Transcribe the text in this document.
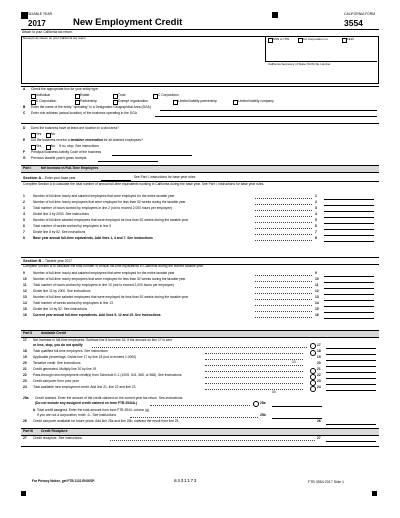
TAXABLE YEAR	CALIFORNIA FORM
2017	New Employment Credit	3554
Attach to your California tax return.
Name(s) as shown on your California tax return	SSN or ITIN	CA Corporation no.	FEIN
California Secretary of State (SOS) file number
A Check the appropriate box for your entity type:
Individual	Estate	Trust	C Corporation
S Corporation	Partnership	Exempt organization	Limited liability partnership	Limited liability company
B Enter the name of the entity "operating" in a Designated Geographical Area (DGA)
C Enter one address (actual location) of the business operating in the DGA
D Does the business have at least one location in a pilot area?
Yes	No
E Did the business receive a tentative reservation for all claimed employees?
Yes	No If no, stop. See instructions.
F Principal Business Activity Code of the business
G Previous taxable year's gross receipts
Part I	Net Increase in Full-Time Employees
Section A – Enter your base year	. See Part I, instructions for base year rules.
Complete Section A to calculate the total number of annual full-time equivalents working in California during the base year. See Part I, instructions for base year rules.
1 Number of full-time hourly and salaried employees that were employed for the entire taxable year	1
2 Number of full-time hourly employees that were employed for less than 52 weeks during the taxable year	2
3 Total number of hours worked by employees in line 2 (not to exceed 2,000 hours per employee)	3
4 Divide line 3 by 2000. See instructions	4
5 Number of full-time salaried employees that were employed for less than 52 weeks during the taxable year	5
6 Total number of weeks worked by employees in line 5	6
7 Divide line 6 by 52. See instructions	7
8 Base year annual full-time equivalents. Add lines 1, 4 and 7. See instructions	8
Section B – Taxable year 2017
Complete Section B to calculate the total number of annual full-time equivalents in California during the current taxable year.
9 Number of full-time hourly and salaried employees that were employed for the entire taxable year	9
10 Number of full-time hourly employees that were employed for less than 52 weeks during the taxable year	10
11 Total number of hours worked by employees in line 10 (not to exceed 2,000 hours per employee)	11
12 Divide line 11 by 2000. See instructions	12
13 Number of full-time salaried employees that were employed for less than 52 weeks during the taxable year	13
14 Total number of weeks worked by employees in line 13	14
15 Divide line 14 by 52. See instructions	15
16 Current year annual full-time equivalents. Add lines 9, 12 and 15. See instructions	16
Part II	Available Credit
17 Net increase in full-time employees. Subtract line 8 from line 16. If the amount on line 17 is zero
or less, stop, you do not qualify	17
18 Total qualified full-time employees. See instructions	18
19 Applicable percentage. Divide line 17 by line 18 (not to exceed 1.0000)	19
20 Tentative credit. See instructions	20
21 Credit generated. Multiply line 20 by line 19	21
22 Pass-through new employment credit(s) from Schedule K-1 (100S, 541, 565, or 568). See instructions	22
23 Credit carryover from prior year	23
24 Total available new employment credit. Add line 21, line 22 and line 23	24
20
00
25a Credit claimed. Enter the amount of the credit claimed on the current year tax return. See instructions.
(Do not include any assigned credit claimed on form FTB 3544A.)	25a
b Total credit assigned. Enter the total amount from form FTB 3544, column (g).
If you are not a corporation, enter -0-. See instructions	25b
26 Credit carryover available for future years. Add line 25a and line 25b, subtract the result from line 24	26
Part III Credit Recapture
27 Credit recapture. See instructions	27
For Privacy Notice, get FTB 1131 ENG/SP.	8431173	FTB 3554 2017 Side 1
